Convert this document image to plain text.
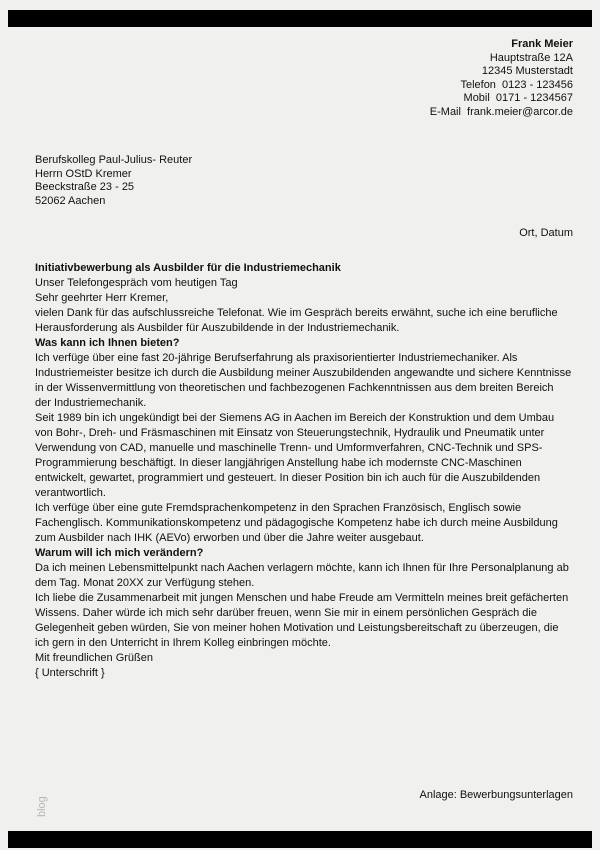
Frank Meier
Hauptstraße 12A
12345 Musterstadt
Telefon  0123 - 123456
Mobil  0171 - 1234567
E-Mail  frank.meier@arcor.de
Berufskolleg Paul-Julius- Reuter
Herrn OStD Kremer
Beeckstraße 23 - 25
52062 Aachen
Ort, Datum
Initiativbewerbung als Ausbilder für die Industriemechanik
Unser Telefongespräch vom heutigen Tag
Sehr geehrter Herr Kremer,

vielen Dank für das aufschlussreiche Telefonat. Wie im Gespräch bereits erwähnt, suche ich eine berufliche Herausforderung als Ausbilder für Auszubildende in der Industriemechanik.

Was kann ich Ihnen bieten?

Ich verfüge über eine fast 20-jährige Berufserfahrung als praxisorientierter Industriemechaniker. Als Industriemeister besitze ich durch die Ausbildung meiner Auszubildenden angewandte und sichere Kenntnisse in der Wissenvermittlung von theoretischen und fachbezogenen Fachkenntnissen aus dem breiten Bereich der Industriemechanik.

Seit 1989 bin ich ungekündigt bei der Siemens AG in Aachen im Bereich der Konstruktion und dem Umbau von Bohr-, Dreh- und Fräsmaschinen mit Einsatz von Steuerungstechnik, Hydraulik und Pneumatik unter Verwendung von CAD, manuelle und maschinelle Trenn- und Umformverfahren, CNC-Technik und SPS-Programmierung beschäftigt. In dieser langjährigen Anstellung habe ich modernste CNC-Maschinen entwickelt, gewartet, programmiert und gesteuert. In dieser Position bin ich auch für die Auszubildenden verantwortlich.

Ich verfüge über eine gute Fremdsprachenkompetenz in den Sprachen Französisch, Englisch sowie Fachenglisch. Kommunikationskompetenz und pädagogische Kompetenz habe ich durch meine Ausbildung zum Ausbilder nach IHK (AEVo) erworben und über die Jahre weiter ausgebaut.

Warum will ich mich verändern?

Da ich meinen Lebensmittelpunkt nach Aachen verlagern möchte, kann ich Ihnen für Ihre Personalplanung ab dem Tag. Monat 20XX zur Verfügung stehen.

Ich liebe die Zusammenarbeit mit jungen Menschen und habe Freude am Vermitteln meines breit gefächerten Wissens. Daher würde ich mich sehr darüber freuen, wenn Sie mir in einem persönlichen Gespräch die Gelegenheit geben würden, Sie von meiner hohen Motivation und Leistungsbereitschaft zu überzeugen, die ich gern in den Unterricht in Ihrem Kolleg einbringen möchte.

Mit freundlichen Grüßen
{ Unterschrift }
Anlage: Bewerbungsunterlagen
blog
